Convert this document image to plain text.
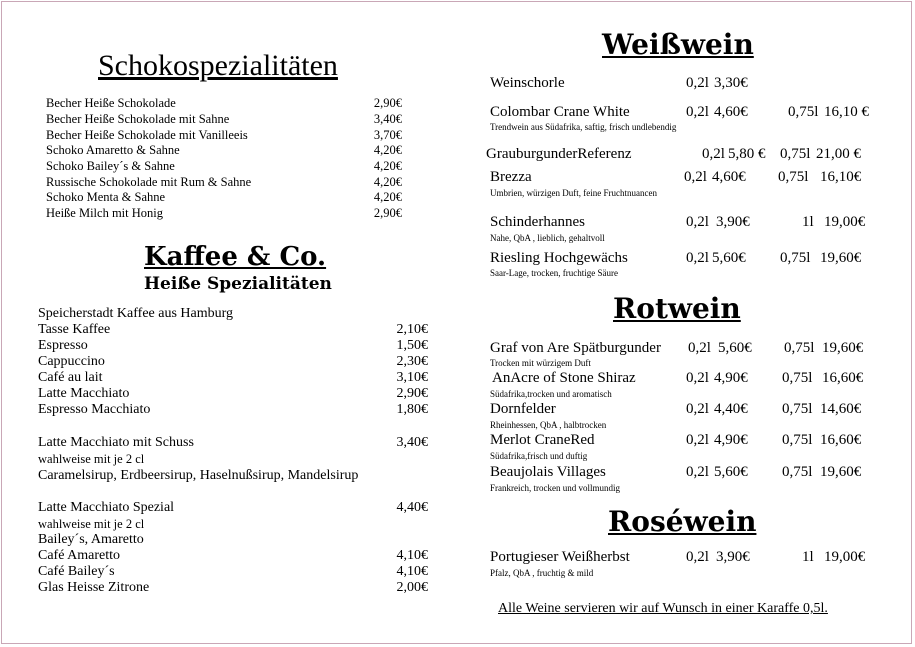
Schokospezialitäten
Becher Heiße Schokolade	2,90€
Becher Heiße Schokolade mit Sahne	3,40€
Becher Heiße Schokolade mit Vanilleeis	3,70€
Schoko Amaretto & Sahne	4,20€
Schoko Bailey´s & Sahne	4,20€
Russische Schokolade mit Rum & Sahne	4,20€
Schoko Menta & Sahne	4,20€
Heiße Milch mit Honig	2,90€
Kaffee & Co.
Heiße Spezialitäten
Speicherstadt Kaffee aus Hamburg
Tasse Kaffee	2,10€
Espresso	1,50€
Cappuccino	2,30€
Café au lait	3,10€
Latte Macchiato	2,90€
Espresso Macchiato	1,80€
Latte Macchiato mit Schuss	3,40€
wahlweise mit je 2 cl
Caramelsirup, Erdbeersirup, Haselnußsirup, Mandelsirup
Latte Macchiato Spezial	4,40€
wahlweise mit je 2 cl
Bailey´s, Amaretto
Café Amaretto	4,10€
Café Bailey´s	4,10€
Glas Heisse Zitrone	2,00€
Weißwein
Weinschorle	0,2l 3,30€
Colombar Crane White	0,2l 4,60€	0,75l 16,10 €
Trendwein aus Südafrika, saftig, frisch undlebendig
GrauburgunderReferenz	0,2l 5,80 € 0,75l 21,00 €
Brezza	0,2l 4,60€ 0,75l 16,10€
Umbrien, würzigen Duft, feine Fruchtnuancen
Schinderhannes	0,2l 3,90€	1l 19,00€
Nahe, QbA , lieblich, gehaltvoll
Riesling Hochgewächs	0,2l 5,60€ 0,75l 19,60€
Saar-Lage, trocken, fruchtige Säure
Rotwein
Graf von Are Spätburgunder 0,2l 5,60€ 0,75l 19,60€
Trocken mit würzigem Duft
AnAcre of Stone Shiraz	0,2l 4,90€ 0,75l 16,60€
Südafrika,trocken und aromatisch
Dornfelder	0,2l 4,40€ 0,75l 14,60€
Rheinhessen, QbA , halbtrocken
Merlot CraneRed	0,2l 4,90€ 0,75l 16,60€
Südafrika,frisch und duftig
Beaujolais Villages	0,2l 5,60€ 0,75l 19,60€
Frankreich, trocken und vollmundig
Roséwein
Portugieser Weißherbst	0,2l 3,90€	1l 19,00€
Pfalz, QbA , fruchtig & mild
Alle Weine servieren wir auf Wunsch in einer Karaffe 0,5l.
